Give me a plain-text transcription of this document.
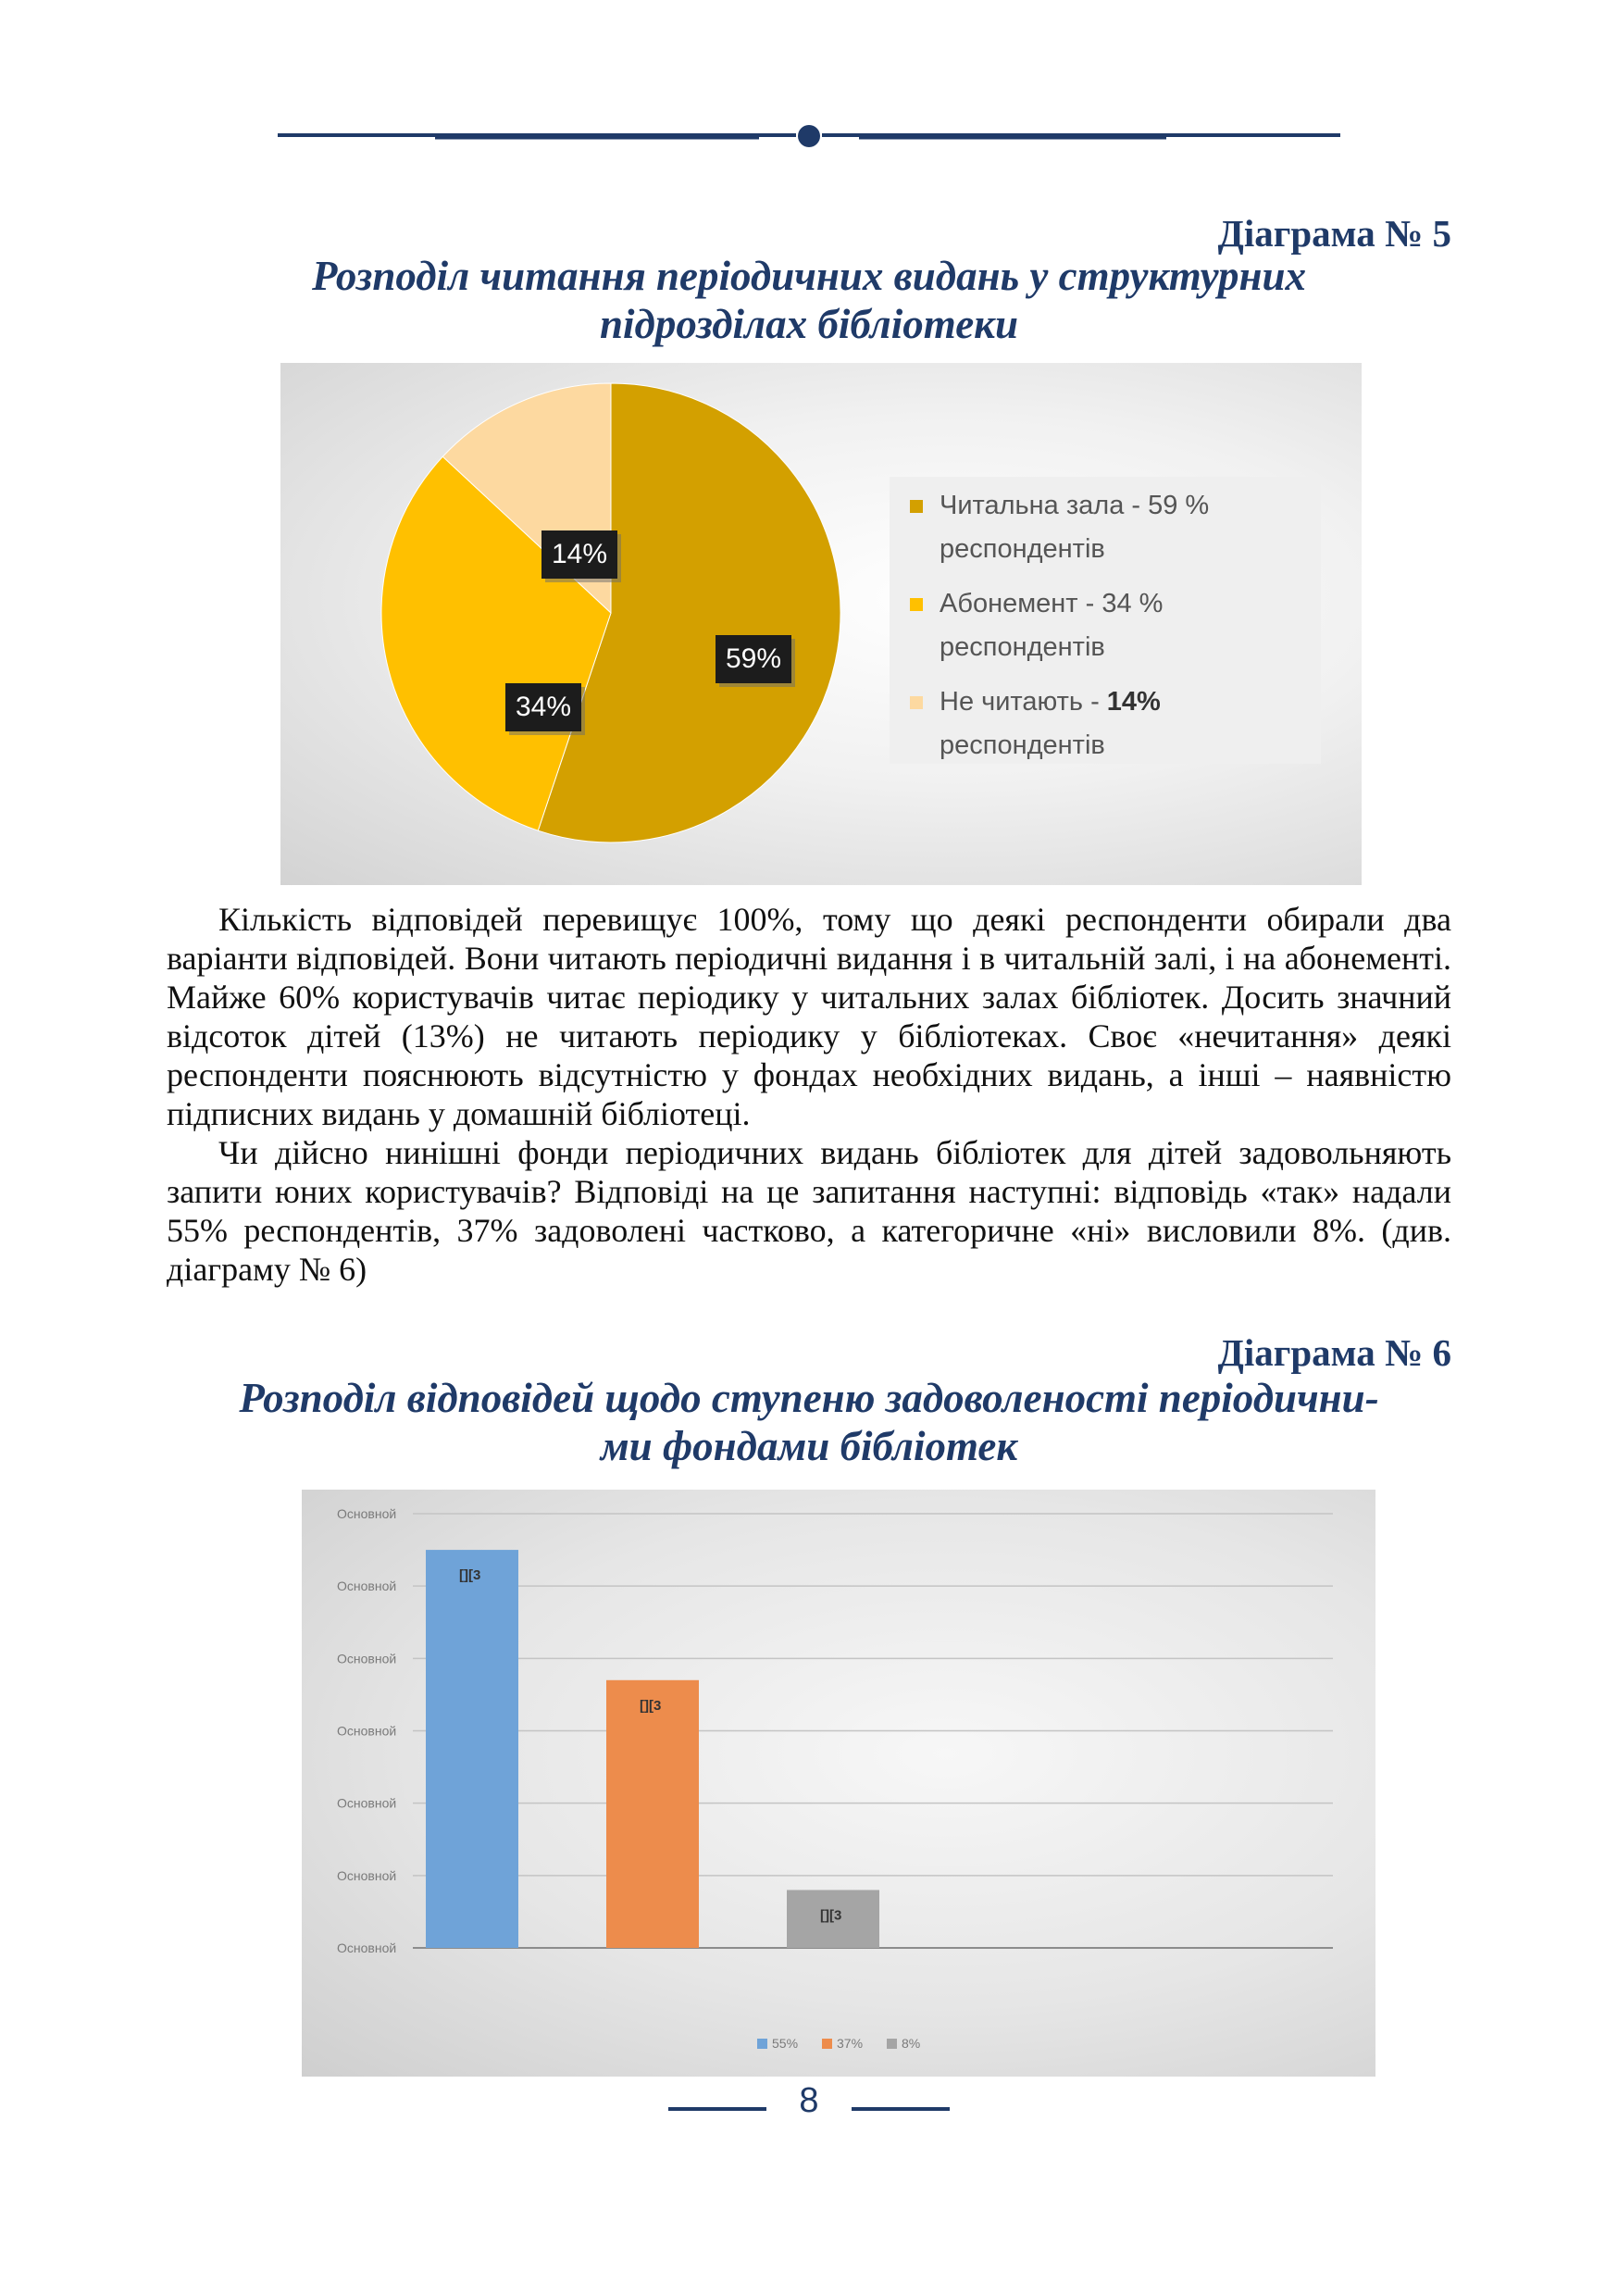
Діаграма № 5
Розподіл читання періодичних видань у структурних
підрозділах бібліотеки
59%
34%
14%
Читальна зала - 59 %
респондентів
Абонемент - 34 %
респондентів
Не читають - 14%
респондентів

Кількість відповідей перевищує 100%, тому що деякі респонденти обирали два варіанти відповідей. Вони читають періодичні видання і в читальній залі, і на абонементі. Майже 60% користувачів читає періодику у читальних залах бібліотек. Досить значний відсоток дітей (13%) не читають періодику у бібліотеках. Своє «нечитання» деякі респонденти пояснюють відсутністю у фондах необхідних видань, а інші – наявністю підписних видань у домашній бібліотеці.

Чи дійсно нинішні фонди періодичних видань бібліотек для дітей задовольняють запити юних користувачів? Відповіді на це запитання наступні: відповідь «так» надали 55% респондентів, 37% задоволені частково, а категоричне «ні» висловили 8%. (див. діаграму № 6)

Діаграма № 6
Розподіл відповідей щодо ступеню задоволеності періодични-
ми фондами бібліотек
Основной
Основной
Основной
Основной
Основной
Основной
Основной
[][3
[][3
[][3
55%	37%	8%
8
